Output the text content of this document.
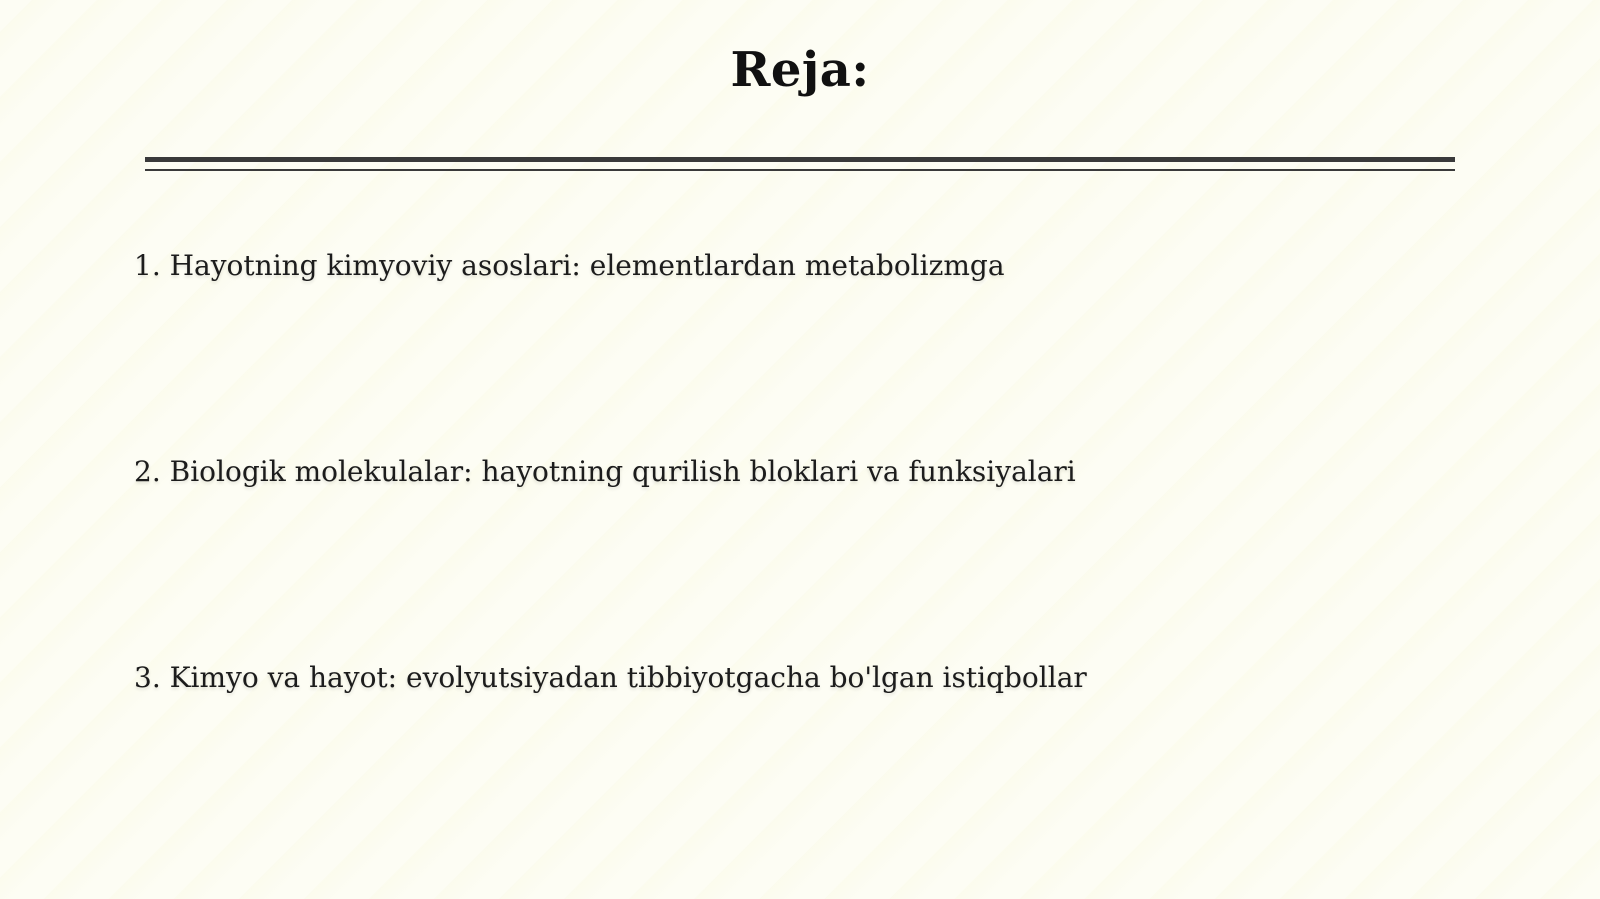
Reja:
1. Hayotning kimyoviy asoslari: elementlardan metabolizmga
2. Biologik molekulalar: hayotning qurilish bloklari va funksiyalari
3. Kimyo va hayot: evolyutsiyadan tibbiyotgacha bo'lgan istiqbollar
